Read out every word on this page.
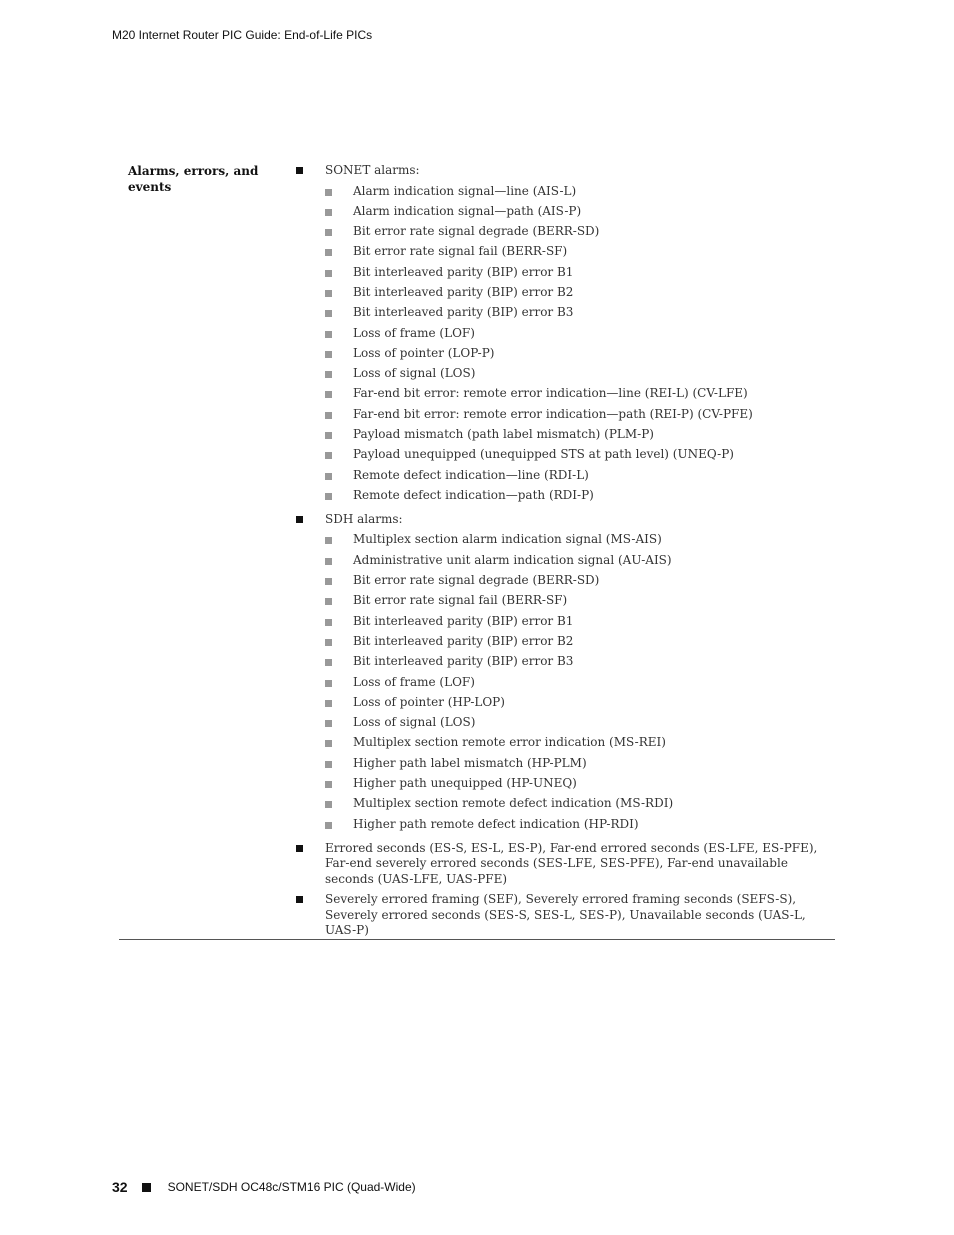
M20 Internet Router PIC Guide: End-of-Life PICs
Alarms, errors, and events
SONET alarms:
Alarm indication signal—line (AIS-L)
Alarm indication signal—path (AIS-P)
Bit error rate signal degrade (BERR-SD)
Bit error rate signal fail (BERR-SF)
Bit interleaved parity (BIP) error B1
Bit interleaved parity (BIP) error B2
Bit interleaved parity (BIP) error B3
Loss of frame (LOF)
Loss of pointer (LOP-P)
Loss of signal (LOS)
Far-end bit error: remote error indication—line (REI-L) (CV-LFE)
Far-end bit error: remote error indication—path (REI-P) (CV-PFE)
Payload mismatch (path label mismatch) (PLM-P)
Payload unequipped (unequipped STS at path level) (UNEQ-P)
Remote defect indication—line (RDI-L)
Remote defect indication—path (RDI-P)
SDH alarms:
Multiplex section alarm indication signal (MS-AIS)
Administrative unit alarm indication signal (AU-AIS)
Bit error rate signal degrade (BERR-SD)
Bit error rate signal fail (BERR-SF)
Bit interleaved parity (BIP) error B1
Bit interleaved parity (BIP) error B2
Bit interleaved parity (BIP) error B3
Loss of frame (LOF)
Loss of pointer (HP-LOP)
Loss of signal (LOS)
Multiplex section remote error indication (MS-REI)
Higher path label mismatch (HP-PLM)
Higher path unequipped (HP-UNEQ)
Multiplex section remote defect indication (MS-RDI)
Higher path remote defect indication (HP-RDI)
Errored seconds (ES-S, ES-L, ES-P), Far-end errored seconds (ES-LFE, ES-PFE), Far-end severely errored seconds (SES-LFE, SES-PFE), Far-end unavailable seconds (UAS-LFE, UAS-PFE)
Severely errored framing (SEF), Severely errored framing seconds (SEFS-S), Severely errored seconds (SES-S, SES-L, SES-P), Unavailable seconds (UAS-L, UAS-P)
32	SONET/SDH OC48c/STM16 PIC (Quad-Wide)
